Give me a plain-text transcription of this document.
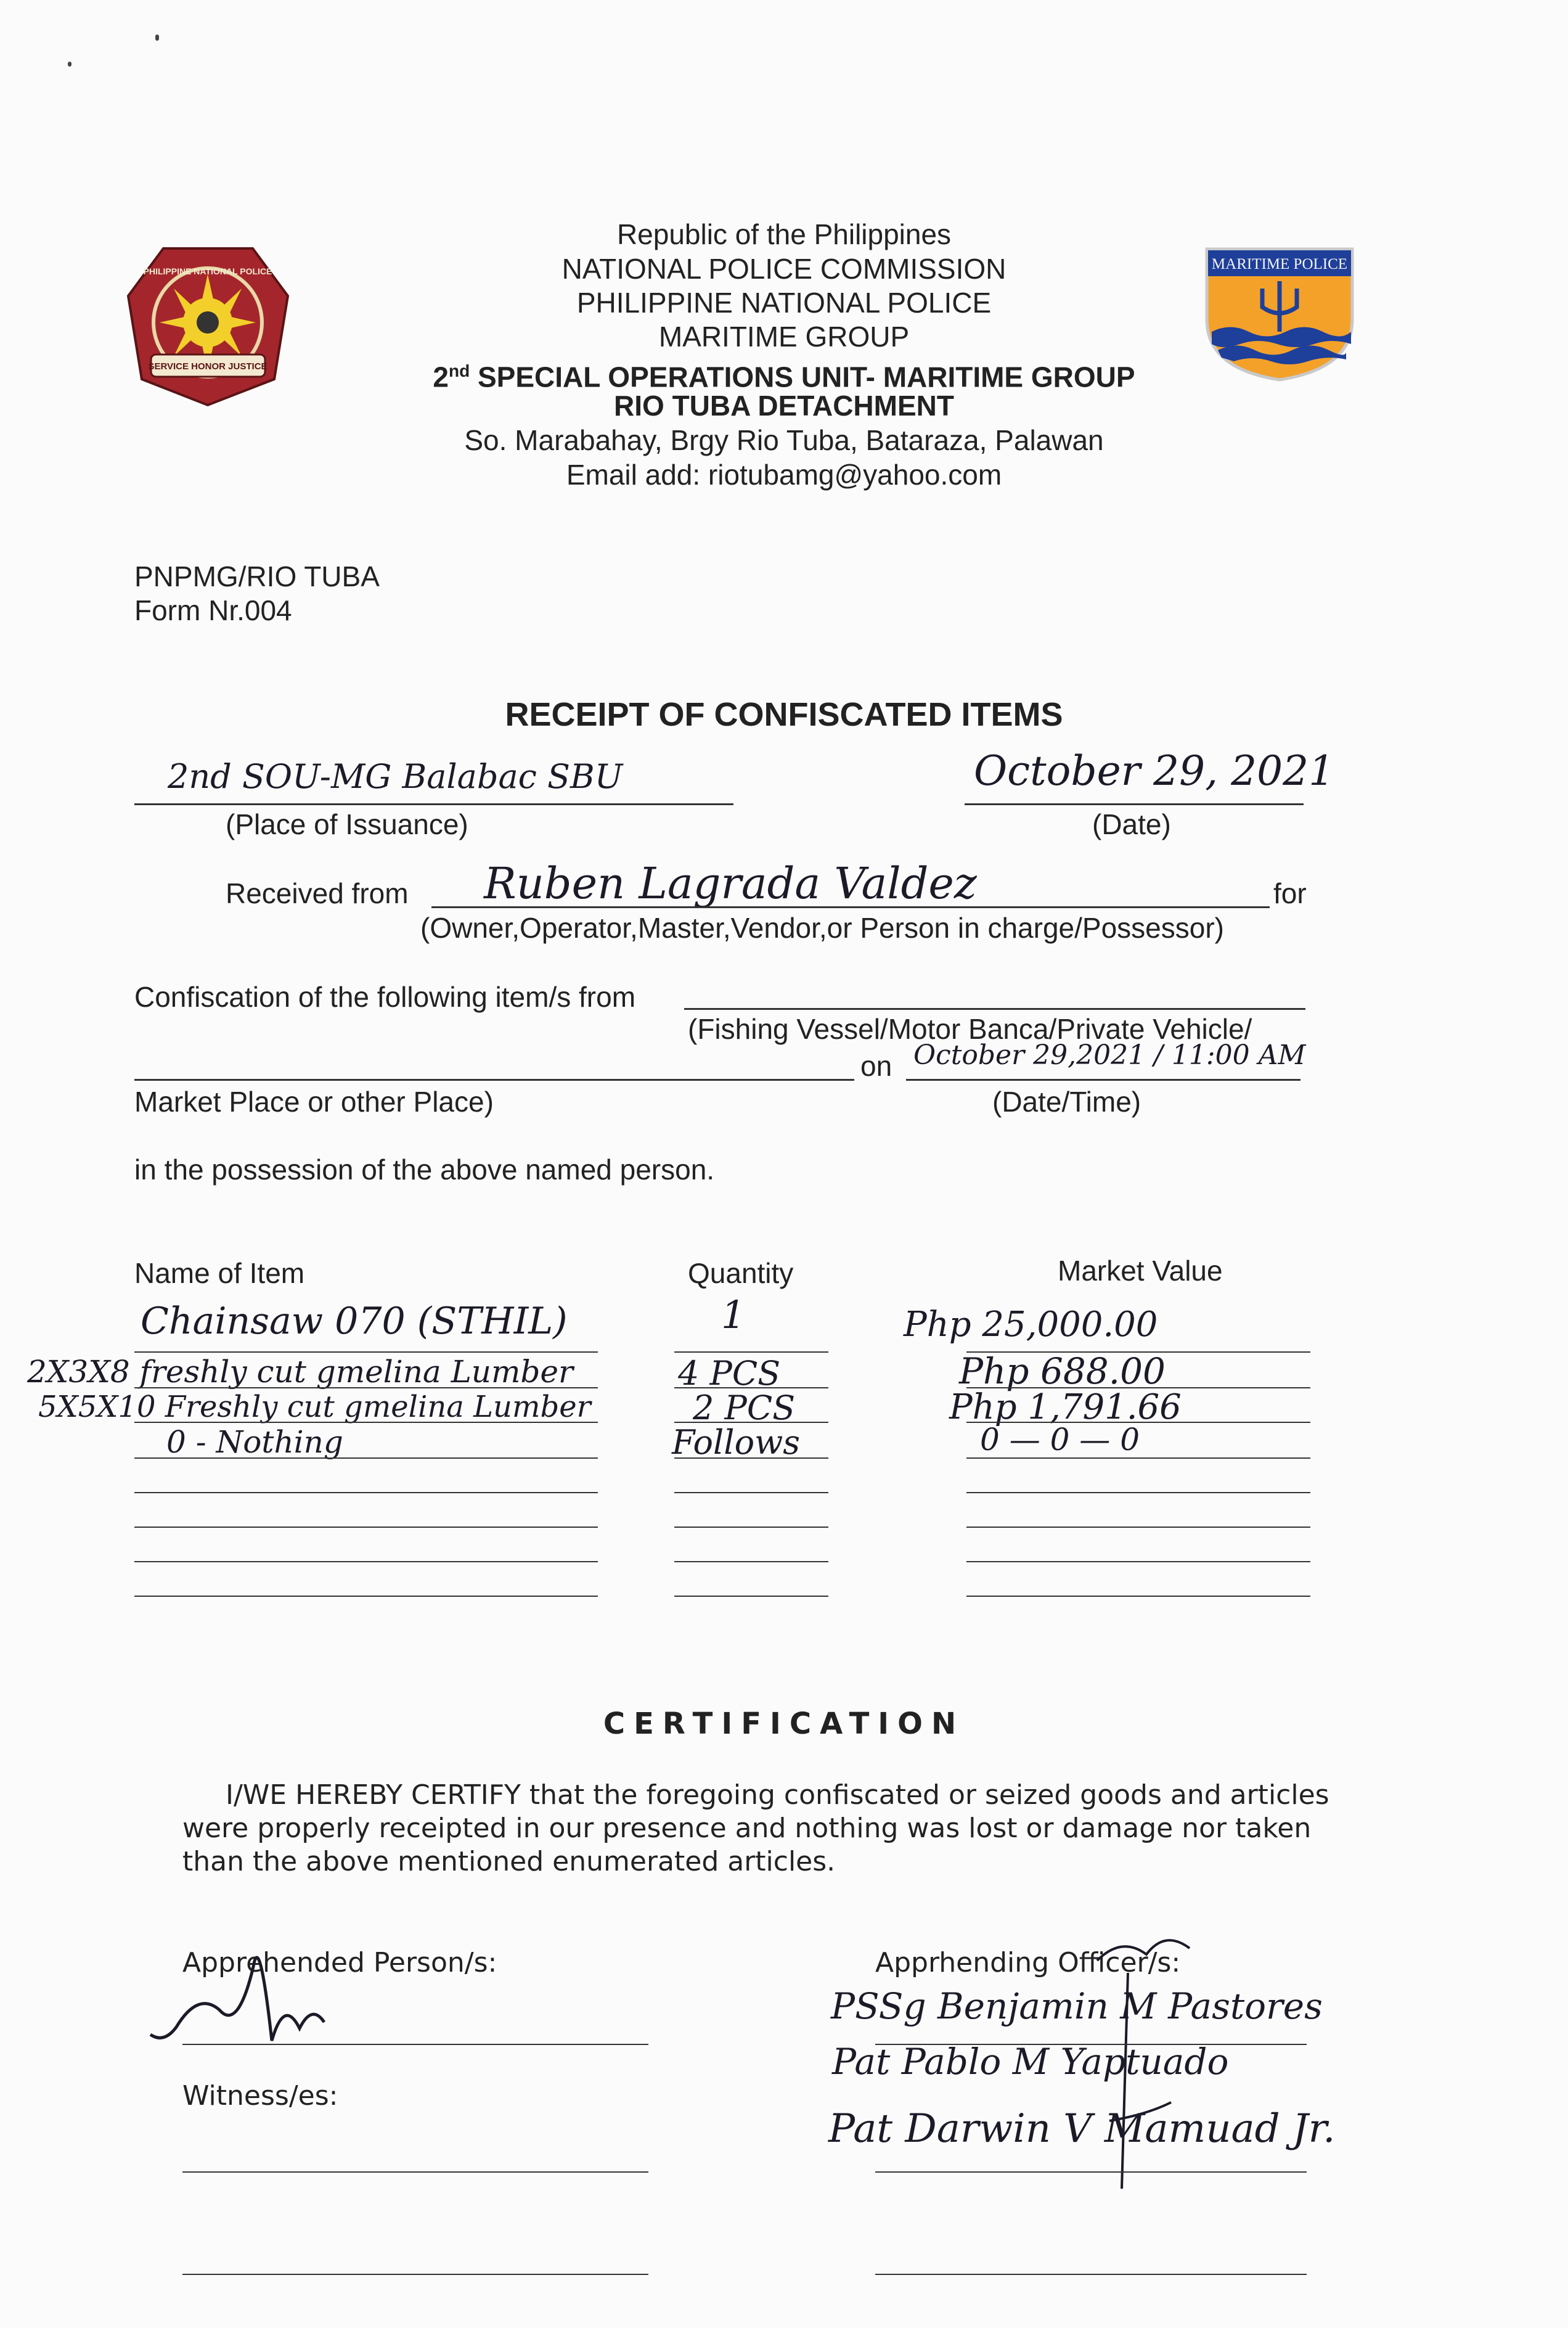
SERVICE HONOR JUSTICE
PHILIPPINE NATIONAL POLICE	MARITIME POLICE
Republic of the Philippines
NATIONAL POLICE COMMISSION
PHILIPPINE NATIONAL POLICE
MARITIME GROUP
2nd SPECIAL OPERATIONS UNIT- MARITIME GROUP
RIO TUBA DETACHMENT
So. Marabahay, Brgy Rio Tuba, Bataraza, Palawan
Email add: riotubamg@yahoo.com
PNPMG/RIO TUBA
Form Nr.004
RECEIPT OF CONFISCATED ITEMS
2nd SOU-MG Balabac SBU
(Place of Issuance)
October 29, 2021
(Date)
Received from Ruben Lagrada Valdez	for
(Owner,Operator,Master,Vendor,or Person in charge/Possessor)
Confiscation of the following item/s from
(Fishing Vessel/Motor Banca/Private Vehicle/
on October 29,2021 / 11:00 AM
Market Place or other Place)	(Date/Time)
in the possession of the above named person.
Name of Item	Quantity	Market Value
Chainsaw 070 (STHIL)	1	Php 25,000.00
2X3X8 freshly cut gmelina Lumber	4 PCS	Php 688.00
5X5X10 Freshly cut gmelina Lumber	2 PCS	Php 1,791.66
0 - Nothing	Follows	0 — 0 — 0
CERTIFICATION
I/WE HEREBY CERTIFY that the foregoing confiscated or seized goods and articles
were properly receipted in our presence and nothing was lost or damage nor taken
than the above mentioned enumerated articles.
Apprehended Person/s:
Witness/es:
Apprhending Officer/s:
PSSg Benjamin M Pastores
Pat Pablo M Yaptuado
Pat Darwin V Mamuad Jr.
